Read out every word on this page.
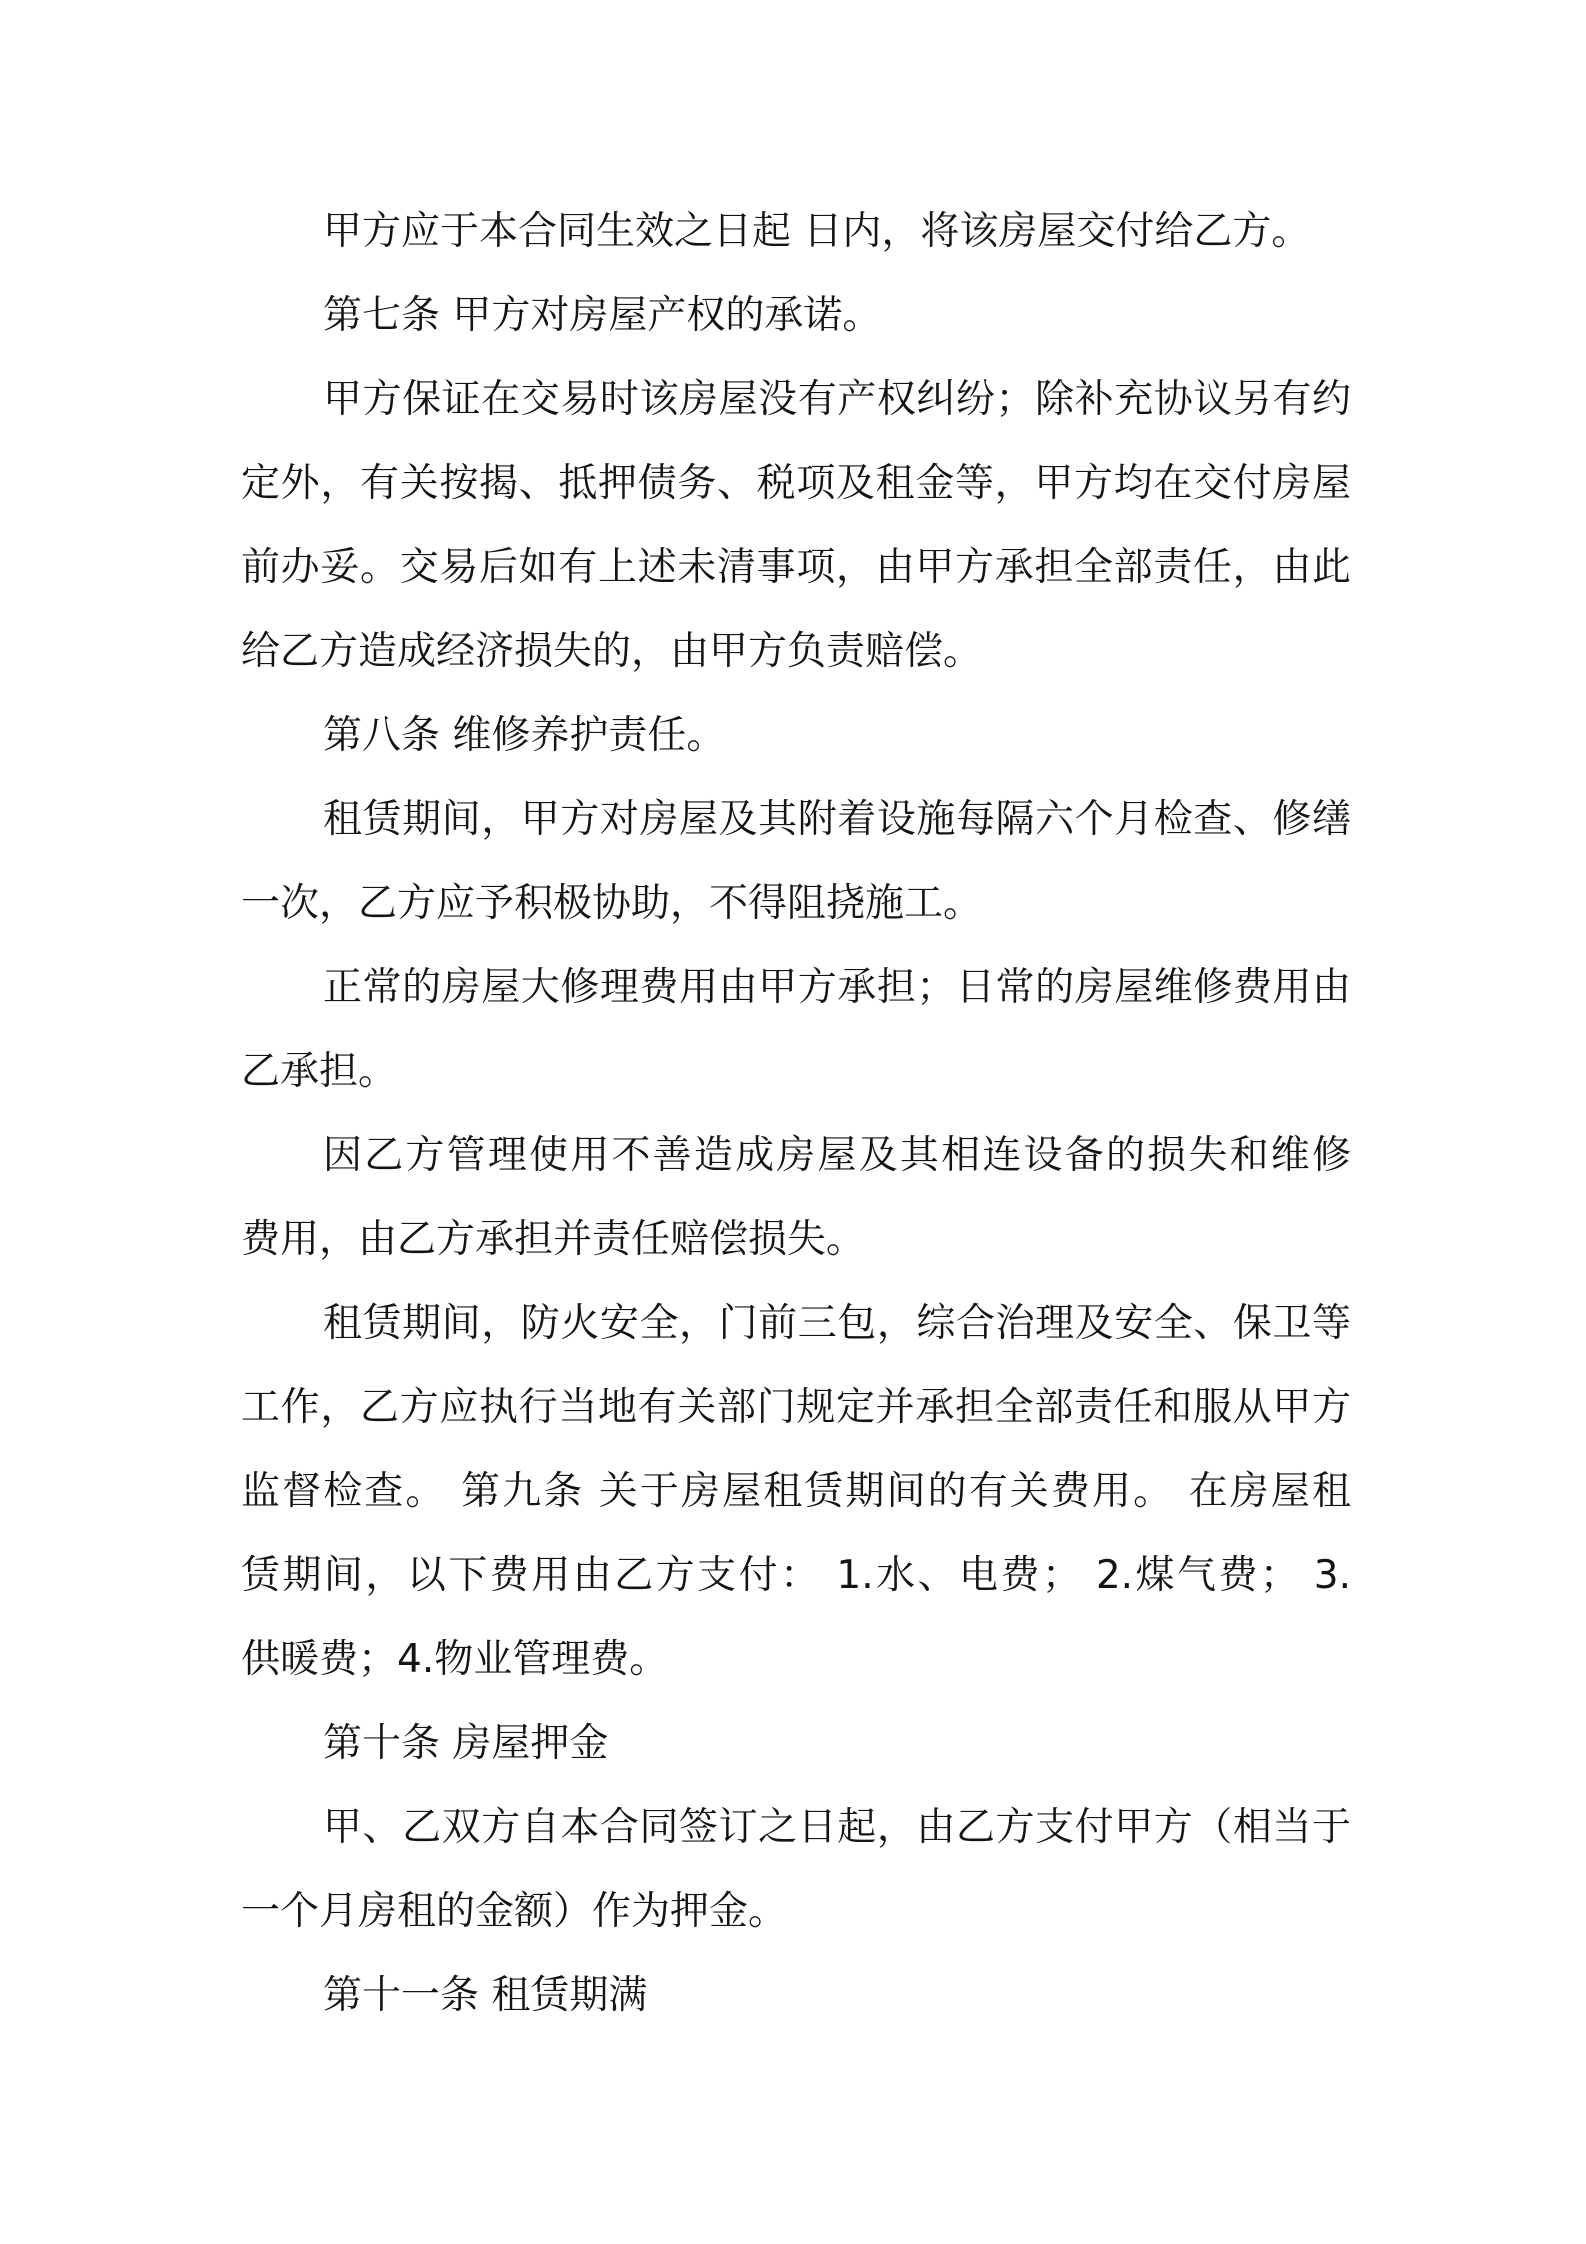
甲方应于本合同生效之日起 日内，将该房屋交付给乙方。
第七条 甲方对房屋产权的承诺。
甲方保证在交易时该房屋没有产权纠纷；除补充协议另有约
定外，有关按揭、抵押债务、税项及租金等，甲方均在交付房屋
前办妥。交易后如有上述未清事项，由甲方承担全部责任，由此
给乙方造成经济损失的，由甲方负责赔偿。
第八条 维修养护责任。
租赁期间，甲方对房屋及其附着设施每隔六个月检查、修缮
一次，乙方应予积极协助，不得阻挠施工。
正常的房屋大修理费用由甲方承担；日常的房屋维修费用由
乙承担。
因乙方管理使用不善造成房屋及其相连设备的损失和维修
费用，由乙方承担并责任赔偿损失。
租赁期间，防火安全，门前三包，综合治理及安全、保卫等
工作，乙方应执行当地有关部门规定并承担全部责任和服从甲方
监督检查。 第九条 关于房屋租赁期间的有关费用。 在房屋租
赁期间，以下费用由乙方支付： 1.水、电费； 2.煤气费； 3.
供暖费；4.物业管理费。
第十条 房屋押金
甲、乙双方自本合同签订之日起，由乙方支付甲方（相当于
一个月房租的金额）作为押金。
第十一条 租赁期满
